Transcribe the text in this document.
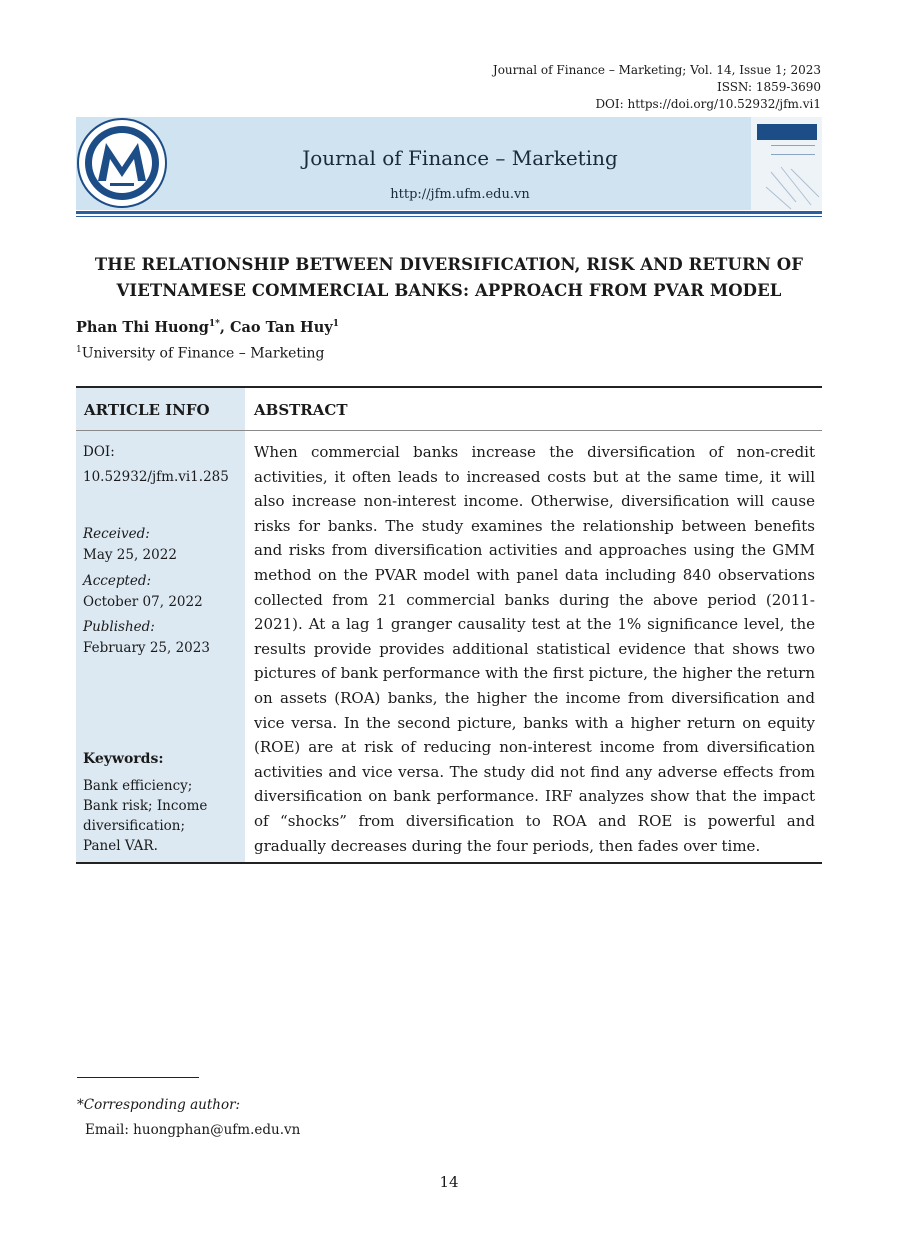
Journal of Finance – Marketing; Vol. 14, Issue 1; 2023
ISSN: 1859-3690
DOI: https://doi.org/10.52932/jfm.vi1
Journal of Finance – Marketing
http://jfm.ufm.edu.vn
THE RELATIONSHIP BETWEEN DIVERSIFICATION, RISK AND RETURN OF
VIETNAMESE COMMERCIAL BANKS: APPROACH FROM PVAR MODEL
Phan Thi Huong$^{1*}$, Cao Tan Huy$^1$
$^1$University of Finance – Marketing
ARTICLE INFO	ABSTRACT
DOI:
10.52932/jfm.vi1.285
Received:
May 25, 2022
Accepted:
October 07, 2022
Published:
February 25, 2023
Keywords:
Bank efficiency;
Bank risk; Income
diversification;
Panel VAR.
When commercial banks increase the diversification of non-credit activities, it often leads to increased costs but at the same time, it will also increase non-interest income. Otherwise, diversification will cause risks for banks. The study examines the relationship between benefits and risks from diversification activities and approaches using the GMM method on the PVAR model with panel data including 840 observations collected from 21 commercial banks during the above period (2011- 2021). At a lag 1 granger causality test at the 1% significance level, the results provide provides additional statistical evidence that shows two pictures of bank performance with the first picture, the higher the return on assets (ROA) banks, the higher the income from diversification and vice versa. In the second picture, banks with a higher return on equity (ROE) are at risk of reducing non-interest income from diversification activities and vice versa. The study did not find any adverse effects from diversification on bank performance. IRF analyzes show that the impact of “shocks” from diversification to ROA and ROE is powerful and gradually decreases during the four periods, then fades over time.
*Corresponding author:
Email: huongphan@ufm.edu.vn
14
